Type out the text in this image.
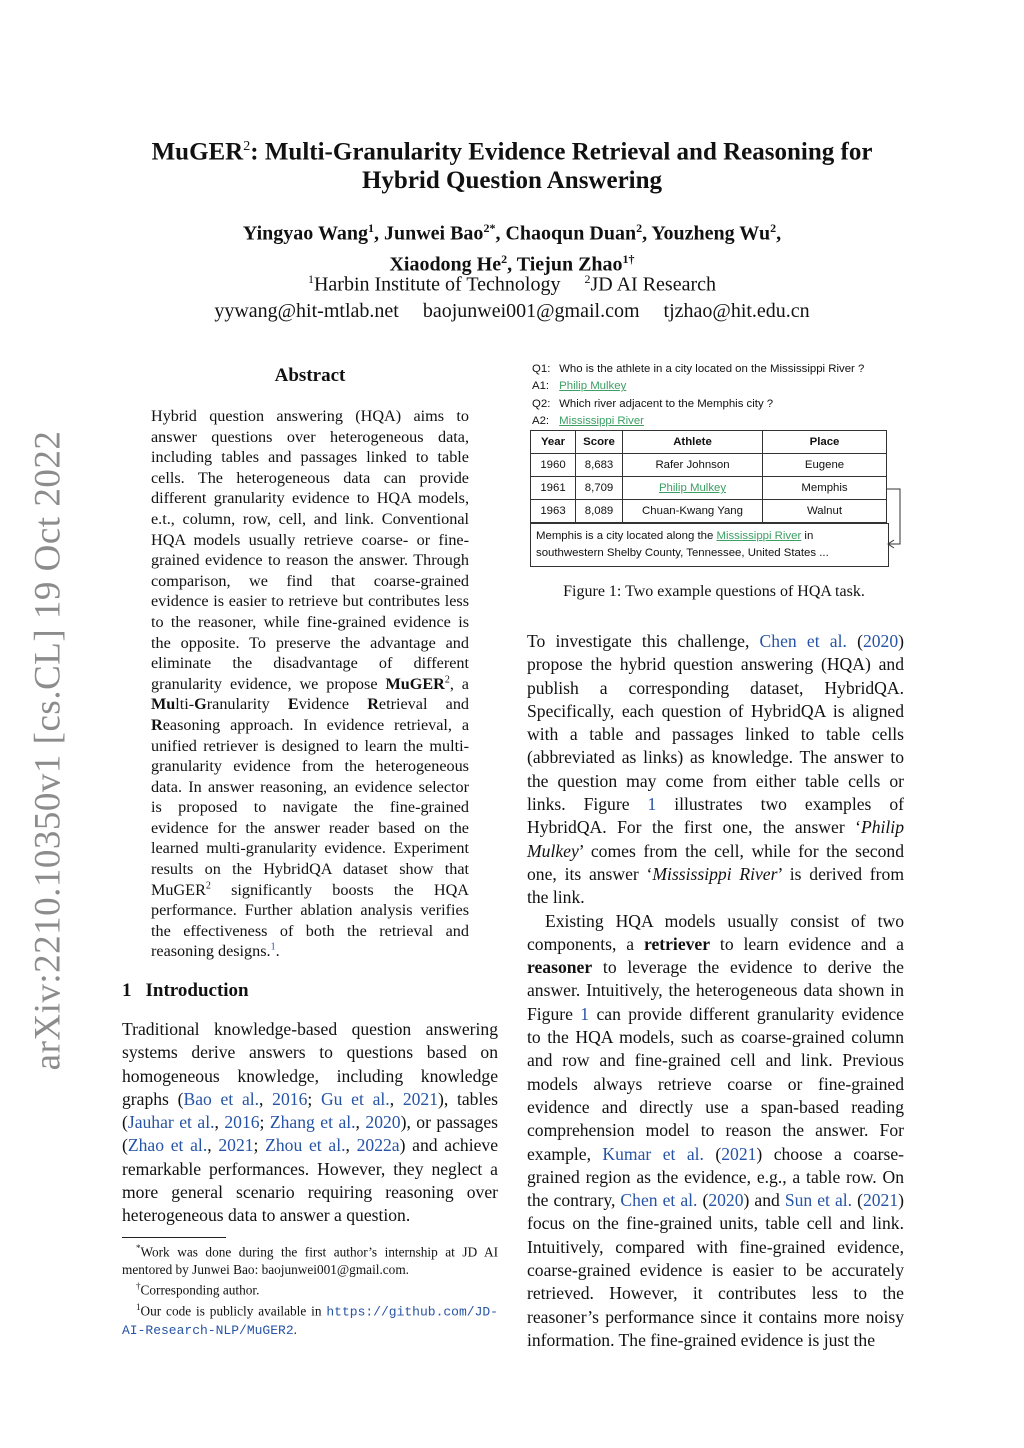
arXiv:2210.10350v1 [cs.CL] 19 Oct 2022
MuGER$^2$: Multi-Granularity Evidence Retrieval and Reasoning for
Hybrid Question Answering
Yingyao Wang$^1$, Junwei Bao$^{2*}$, Chaoqun Duan$^2$, Youzheng Wu$^2$,
Xiaodong He$^2$, Tiejun Zhao$^{1\dagger}$
$^1$Harbin Institute of Technology $^2$JD AI Research
yywang@hit-mtlab.net baojunwei001@gmail.com tjzhao@hit.edu.cn
Abstract
Hybrid question answering (HQA) aims to answer questions over heterogeneous data, including tables and passages linked to table cells. The heterogeneous data can provide different granularity evidence to HQA models, e.t., column, row, cell, and link. Conventional HQA models usually retrieve coarse- or fine-grained evidence to reason the answer. Through comparison, we find that coarse-grained evidence is easier to retrieve but contributes less to the reasoner, while fine-grained evidence is the opposite. To preserve the advantage and eliminate the disadvantage of different granularity evidence, we propose MuGER$^2$, a Multi-Granularity Evidence Retrieval and Reasoning approach. In evidence retrieval, a unified retriever is designed to learn the multi-granularity evidence from the heterogeneous data. In answer reasoning, an evidence selector is proposed to navigate the fine-grained evidence for the answer reader based on the learned multi-granularity evidence. Experiment results on the HybridQA dataset show that MuGER$^2$ significantly boosts the HQA performance. Further ablation analysis verifies the effectiveness of both the retrieval and reasoning designs.$^1$.
1 Introduction
Traditional knowledge-based question answering systems derive answers to questions based on homogeneous knowledge, including knowledge graphs (Bao et al., 2016; Gu et al., 2021), tables (Jauhar et al., 2016; Zhang et al., 2020), or passages (Zhao et al., 2021; Zhou et al., 2022a) and achieve remarkable performances. However, they neglect a more general scenario requiring reasoning over heterogeneous data to answer a question.

*Work was done during the first author’s internship at JD AI mentored by Junwei Bao: baojunwei001@gmail.com.

†Corresponding author.

$^1$Our code is publicly available in https://github.com/JD-AI-Research-NLP/MuGER2.

Q1: Who is the athlete in a city located on the Mississippi River ?
A1: Philip Mulkey
Q2: Which river adjacent to the Memphis city ?
A2: Mississippi River
Year	Score	Athlete	Place
1960	8,683	Rafer Johnson	Eugene
1961	8,709	Philip Mulkey	Memphis
1963	8,089	Chuan-Kwang Yang	Walnut
Memphis is a city located along the Mississippi River in southwestern Shelby County, Tennessee, United States ...
Figure 1: Two example questions of HQA task.

To investigate this challenge, Chen et al. (2020) propose the hybrid question answering (HQA) and publish a corresponding dataset, HybridQA. Specifically, each question of HybridQA is aligned with a table and passages linked to table cells (abbreviated as links) as knowledge. The answer to the question may come from either table cells or links. Figure 1 illustrates two examples of HybridQA. For the first one, the answer ‘Philip Mulkey’ comes from the cell, while for the second one, its answer ‘Mississippi River’ is derived from the link.

Existing HQA models usually consist of two components, a retriever to learn evidence and a reasoner to leverage the evidence to derive the answer. Intuitively, the heterogeneous data shown in Figure 1 can provide different granularity evidence to the HQA models, such as coarse-grained column and row and fine-grained cell and link. Previous models always retrieve coarse or fine-grained evidence and directly use a span-based reading comprehension model to reason the answer. For example, Kumar et al. (2021) choose a coarse-grained region as the evidence, e.g., a table row. On the contrary, Chen et al. (2020) and Sun et al. (2021) focus on the fine-grained units, table cell and link. Intuitively, compared with fine-grained evidence, coarse-grained evidence is easier to be accurately retrieved. However, it contributes less to the reasoner’s performance since it contains more noisy information. The fine-grained evidence is just the
